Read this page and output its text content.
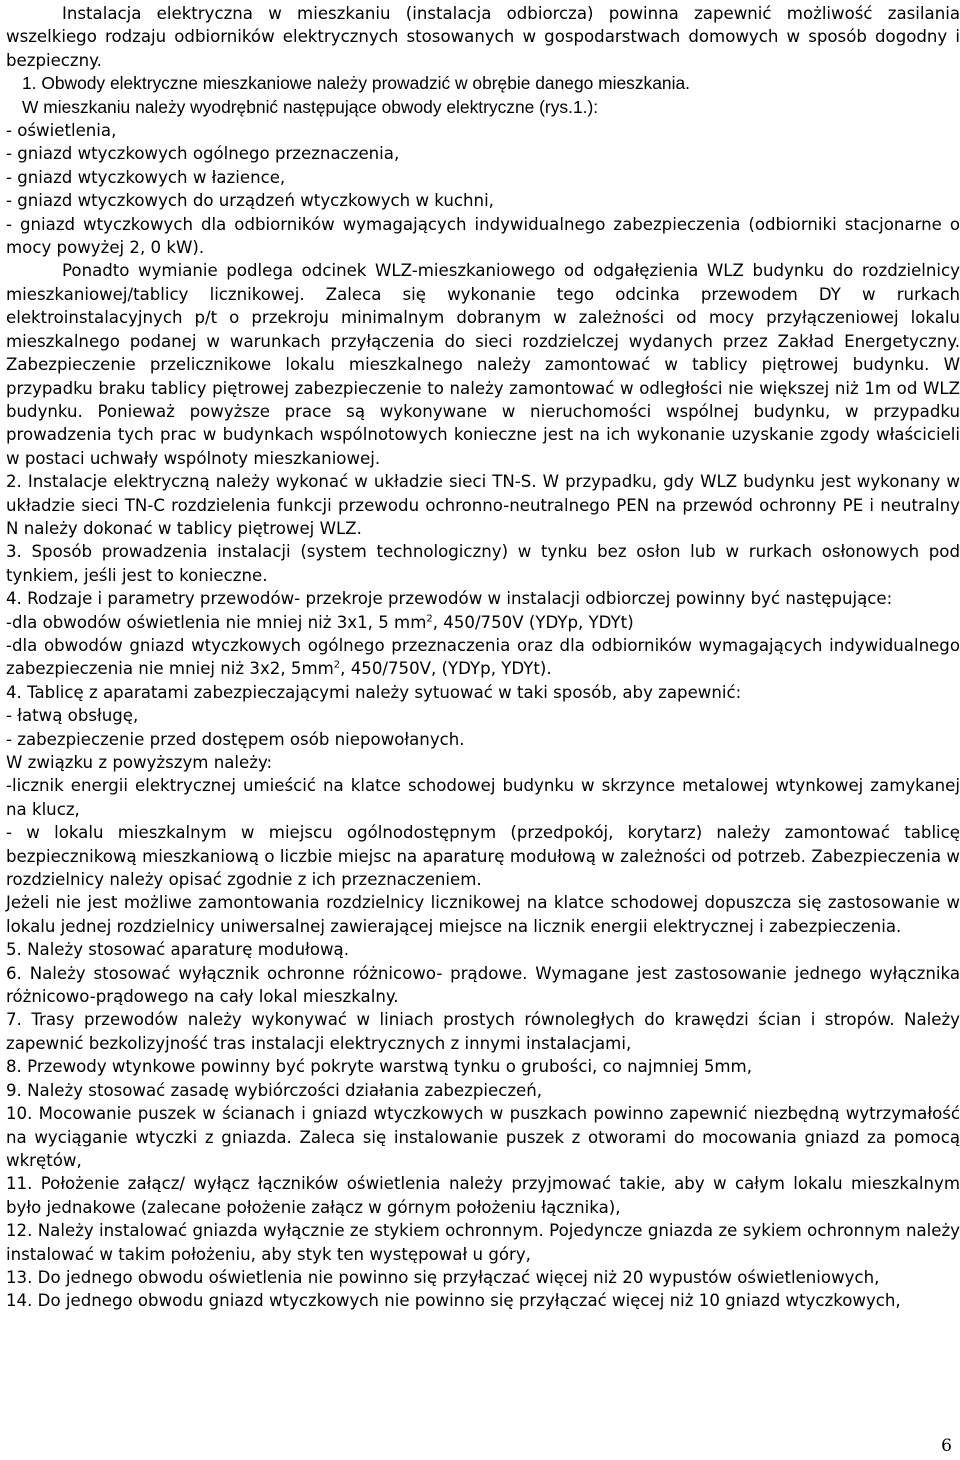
Instalacja elektryczna w mieszkaniu (instalacja odbiorcza) powinna zapewnić możliwość zasilania wszelkiego rodzaju odbiorników elektrycznych stosowanych w gospodarstwach domowych w sposób dogodny i bezpieczny.

1. Obwody elektryczne mieszkaniowe należy prowadzić w obrębie danego mieszkania.

W mieszkaniu należy wyodrębnić następujące obwody elektryczne (rys.1.):

- oświetlenia,

- gniazd wtyczkowych ogólnego przeznaczenia,

- gniazd wtyczkowych w łazience,

- gniazd wtyczkowych do urządzeń wtyczkowych w kuchni,

- gniazd wtyczkowych dla odbiorników wymagających indywidualnego zabezpieczenia (odbiorniki stacjonarne o mocy powyżej 2, 0 kW).

Ponadto wymianie podlega odcinek WLZ-mieszkaniowego od odgałęzienia WLZ budynku do rozdzielnicy mieszkaniowej/tablicy licznikowej. Zaleca się wykonanie tego odcinka przewodem DY w rurkach elektroinstalacyjnych p/t o przekroju minimalnym dobranym w zależności od mocy przyłączeniowej lokalu mieszkalnego podanej w warunkach przyłączenia do sieci rozdzielczej wydanych przez Zakład Energetyczny. Zabezpieczenie przelicznikowe lokalu mieszkalnego należy zamontować w tablicy piętrowej budynku. W przypadku braku tablicy piętrowej zabezpieczenie to należy zamontować w odległości nie większej niż 1m od WLZ budynku. Ponieważ powyższe prace są wykonywane w nieruchomości wspólnej budynku, w przypadku prowadzenia tych prac w budynkach wspólnotowych konieczne jest na ich wykonanie uzyskanie zgody właścicieli w postaci uchwały wspólnoty mieszkaniowej.

2. Instalacje elektryczną należy wykonać w układzie sieci TN-S. W przypadku, gdy WLZ budynku jest wykonany w układzie sieci TN-C rozdzielenia funkcji przewodu ochronno-neutralnego PEN na przewód ochronny PE i neutralny N należy dokonać w tablicy piętrowej WLZ.

3. Sposób prowadzenia instalacji (system technologiczny) w tynku bez osłon lub w rurkach osłonowych pod tynkiem, jeśli jest to konieczne.

4. Rodzaje i parametry przewodów- przekroje przewodów w instalacji odbiorczej powinny być następujące:

-dla obwodów oświetlenia nie mniej niż 3x1, 5 $mm^2$, 450/750V (YDYp, YDYt)

-dla obwodów gniazd wtyczkowych ogólnego przeznaczenia oraz dla odbiorników wymagających indywidualnego zabezpieczenia nie mniej niż 3x2, $5mm^2$, 450/750V, (YDYp, YDYt).

4. Tablicę z aparatami zabezpieczającymi należy sytuować w taki sposób, aby zapewnić:

- łatwą obsługę,

- zabezpieczenie przed dostępem osób niepowołanych.

W związku z powyższym należy:

-licznik energii elektrycznej umieścić na klatce schodowej budynku w skrzynce metalowej wtynkowej zamykanej na klucz,

- w lokalu mieszkalnym w miejscu ogólnodostępnym (przedpokój, korytarz) należy zamontować tablicę bezpiecznikową mieszkaniową o liczbie miejsc na aparaturę modułową w zależności od potrzeb. Zabezpieczenia w rozdzielnicy należy opisać zgodnie z ich przeznaczeniem.

Jeżeli nie jest możliwe zamontowania rozdzielnicy licznikowej na klatce schodowej dopuszcza się zastosowanie w lokalu jednej rozdzielnicy uniwersalnej zawierającej miejsce na licznik energii elektrycznej i zabezpieczenia.

5. Należy stosować aparaturę modułową.

6. Należy stosować wyłącznik ochronne różnicowo- prądowe. Wymagane jest zastosowanie jednego wyłącznika różnicowo-prądowego na cały lokal mieszkalny.

7. Trasy przewodów należy wykonywać w liniach prostych równoległych do krawędzi ścian i stropów. Należy zapewnić bezkolizyjność tras instalacji elektrycznych z innymi instalacjami,

8. Przewody wtynkowe powinny być pokryte warstwą tynku o grubości, co najmniej 5mm,

9. Należy stosować zasadę wybiórczości działania zabezpieczeń,

10. Mocowanie puszek w ścianach i gniazd wtyczkowych w puszkach powinno zapewnić niezbędną wytrzymałość na wyciąganie wtyczki z gniazda. Zaleca się instalowanie puszek z otworami do mocowania gniazd za pomocą wkrętów,

11. Położenie załącz/ wyłącz łączników oświetlenia należy przyjmować takie, aby w całym lokalu mieszkalnym było jednakowe (zalecane położenie załącz w górnym położeniu łącznika),

12. Należy instalować gniazda wyłącznie ze stykiem ochronnym. Pojedyncze gniazda ze sykiem ochronnym należy instalować w takim położeniu, aby styk ten występował u góry,

13. Do jednego obwodu oświetlenia nie powinno się przyłączać więcej niż 20 wypustów oświetleniowych,

14. Do jednego obwodu gniazd wtyczkowych nie powinno się przyłączać więcej niż 10 gniazd wtyczkowych,

6
